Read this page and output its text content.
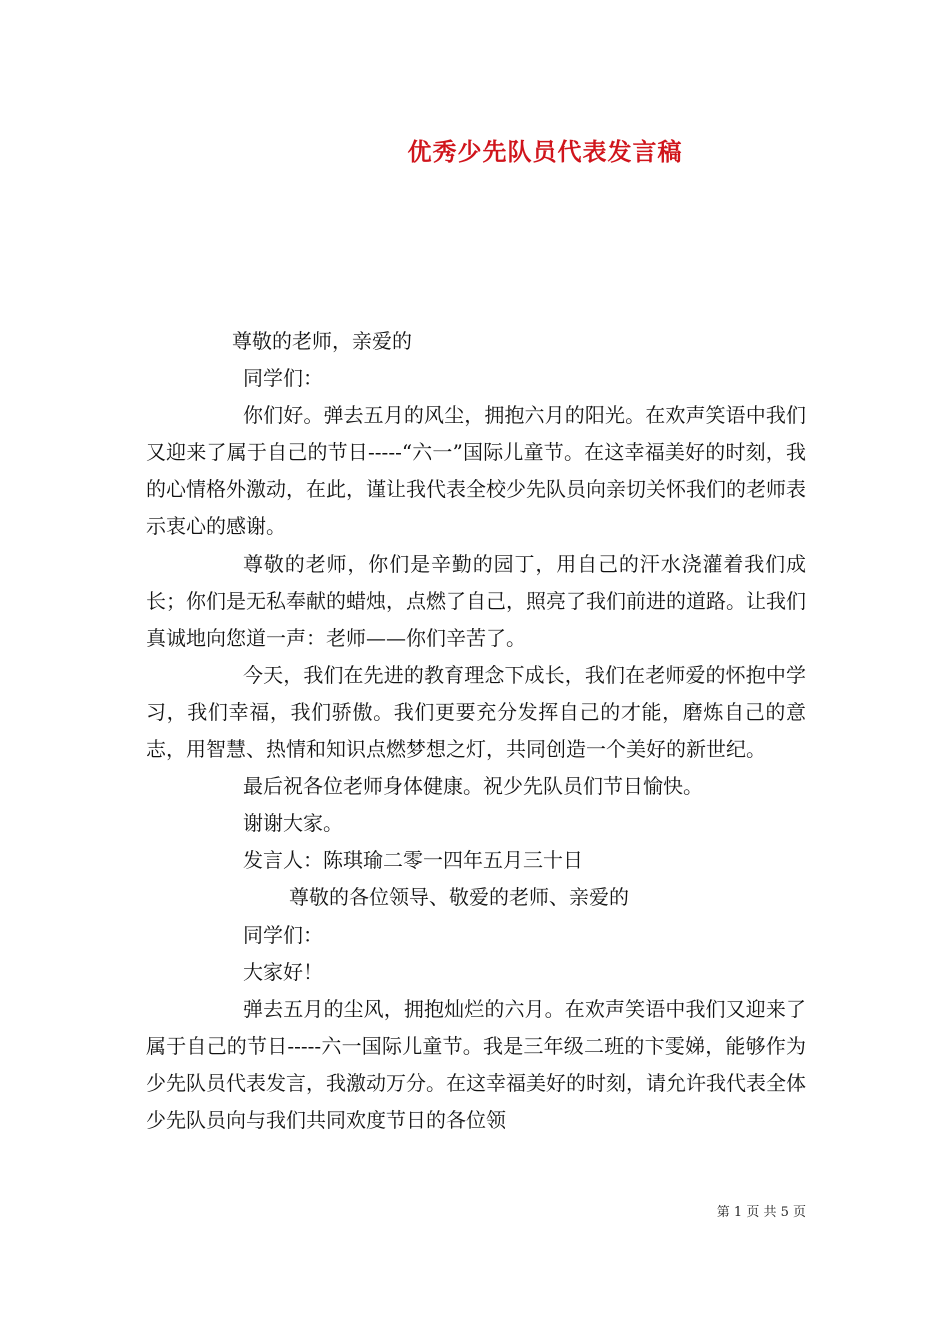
优秀少先队员代表发言稿

尊敬的老师，亲爱的

同学们：

你们好。弹去五月的风尘，拥抱六月的阳光。在欢声笑语中我们又迎来了属于自己的节日-----“六一”国际儿童节。在这幸福美好的时刻，我的心情格外激动，在此，谨让我代表全校少先队员向亲切关怀我们的老师表示衷心的感谢。

尊敬的老师，你们是辛勤的园丁，用自己的汗水浇灌着我们成长；你们是无私奉献的蜡烛，点燃了自己，照亮了我们前进的道路。让我们真诚地向您道一声：老师——你们辛苦了。

今天，我们在先进的教育理念下成长，我们在老师爱的怀抱中学习，我们幸福，我们骄傲。我们更要充分发挥自己的才能，磨炼自己的意志，用智慧、热情和知识点燃梦想之灯，共同创造一个美好的新世纪。

最后祝各位老师身体健康。祝少先队员们节日愉快。

谢谢大家。

发言人：陈琪瑜二零一四年五月三十日

尊敬的各位领导、敬爱的老师、亲爱的

同学们：

大家好！

弹去五月的尘风，拥抱灿烂的六月。在欢声笑语中我们又迎来了属于自己的节日-----六一国际儿童节。我是三年级二班的卞雯娣，能够作为少先队员代表发言，我激动万分。在这幸福美好的时刻，请允许我代表全体少先队员向与我们共同欢度节日的各位领

第 1 页 共 5 页
